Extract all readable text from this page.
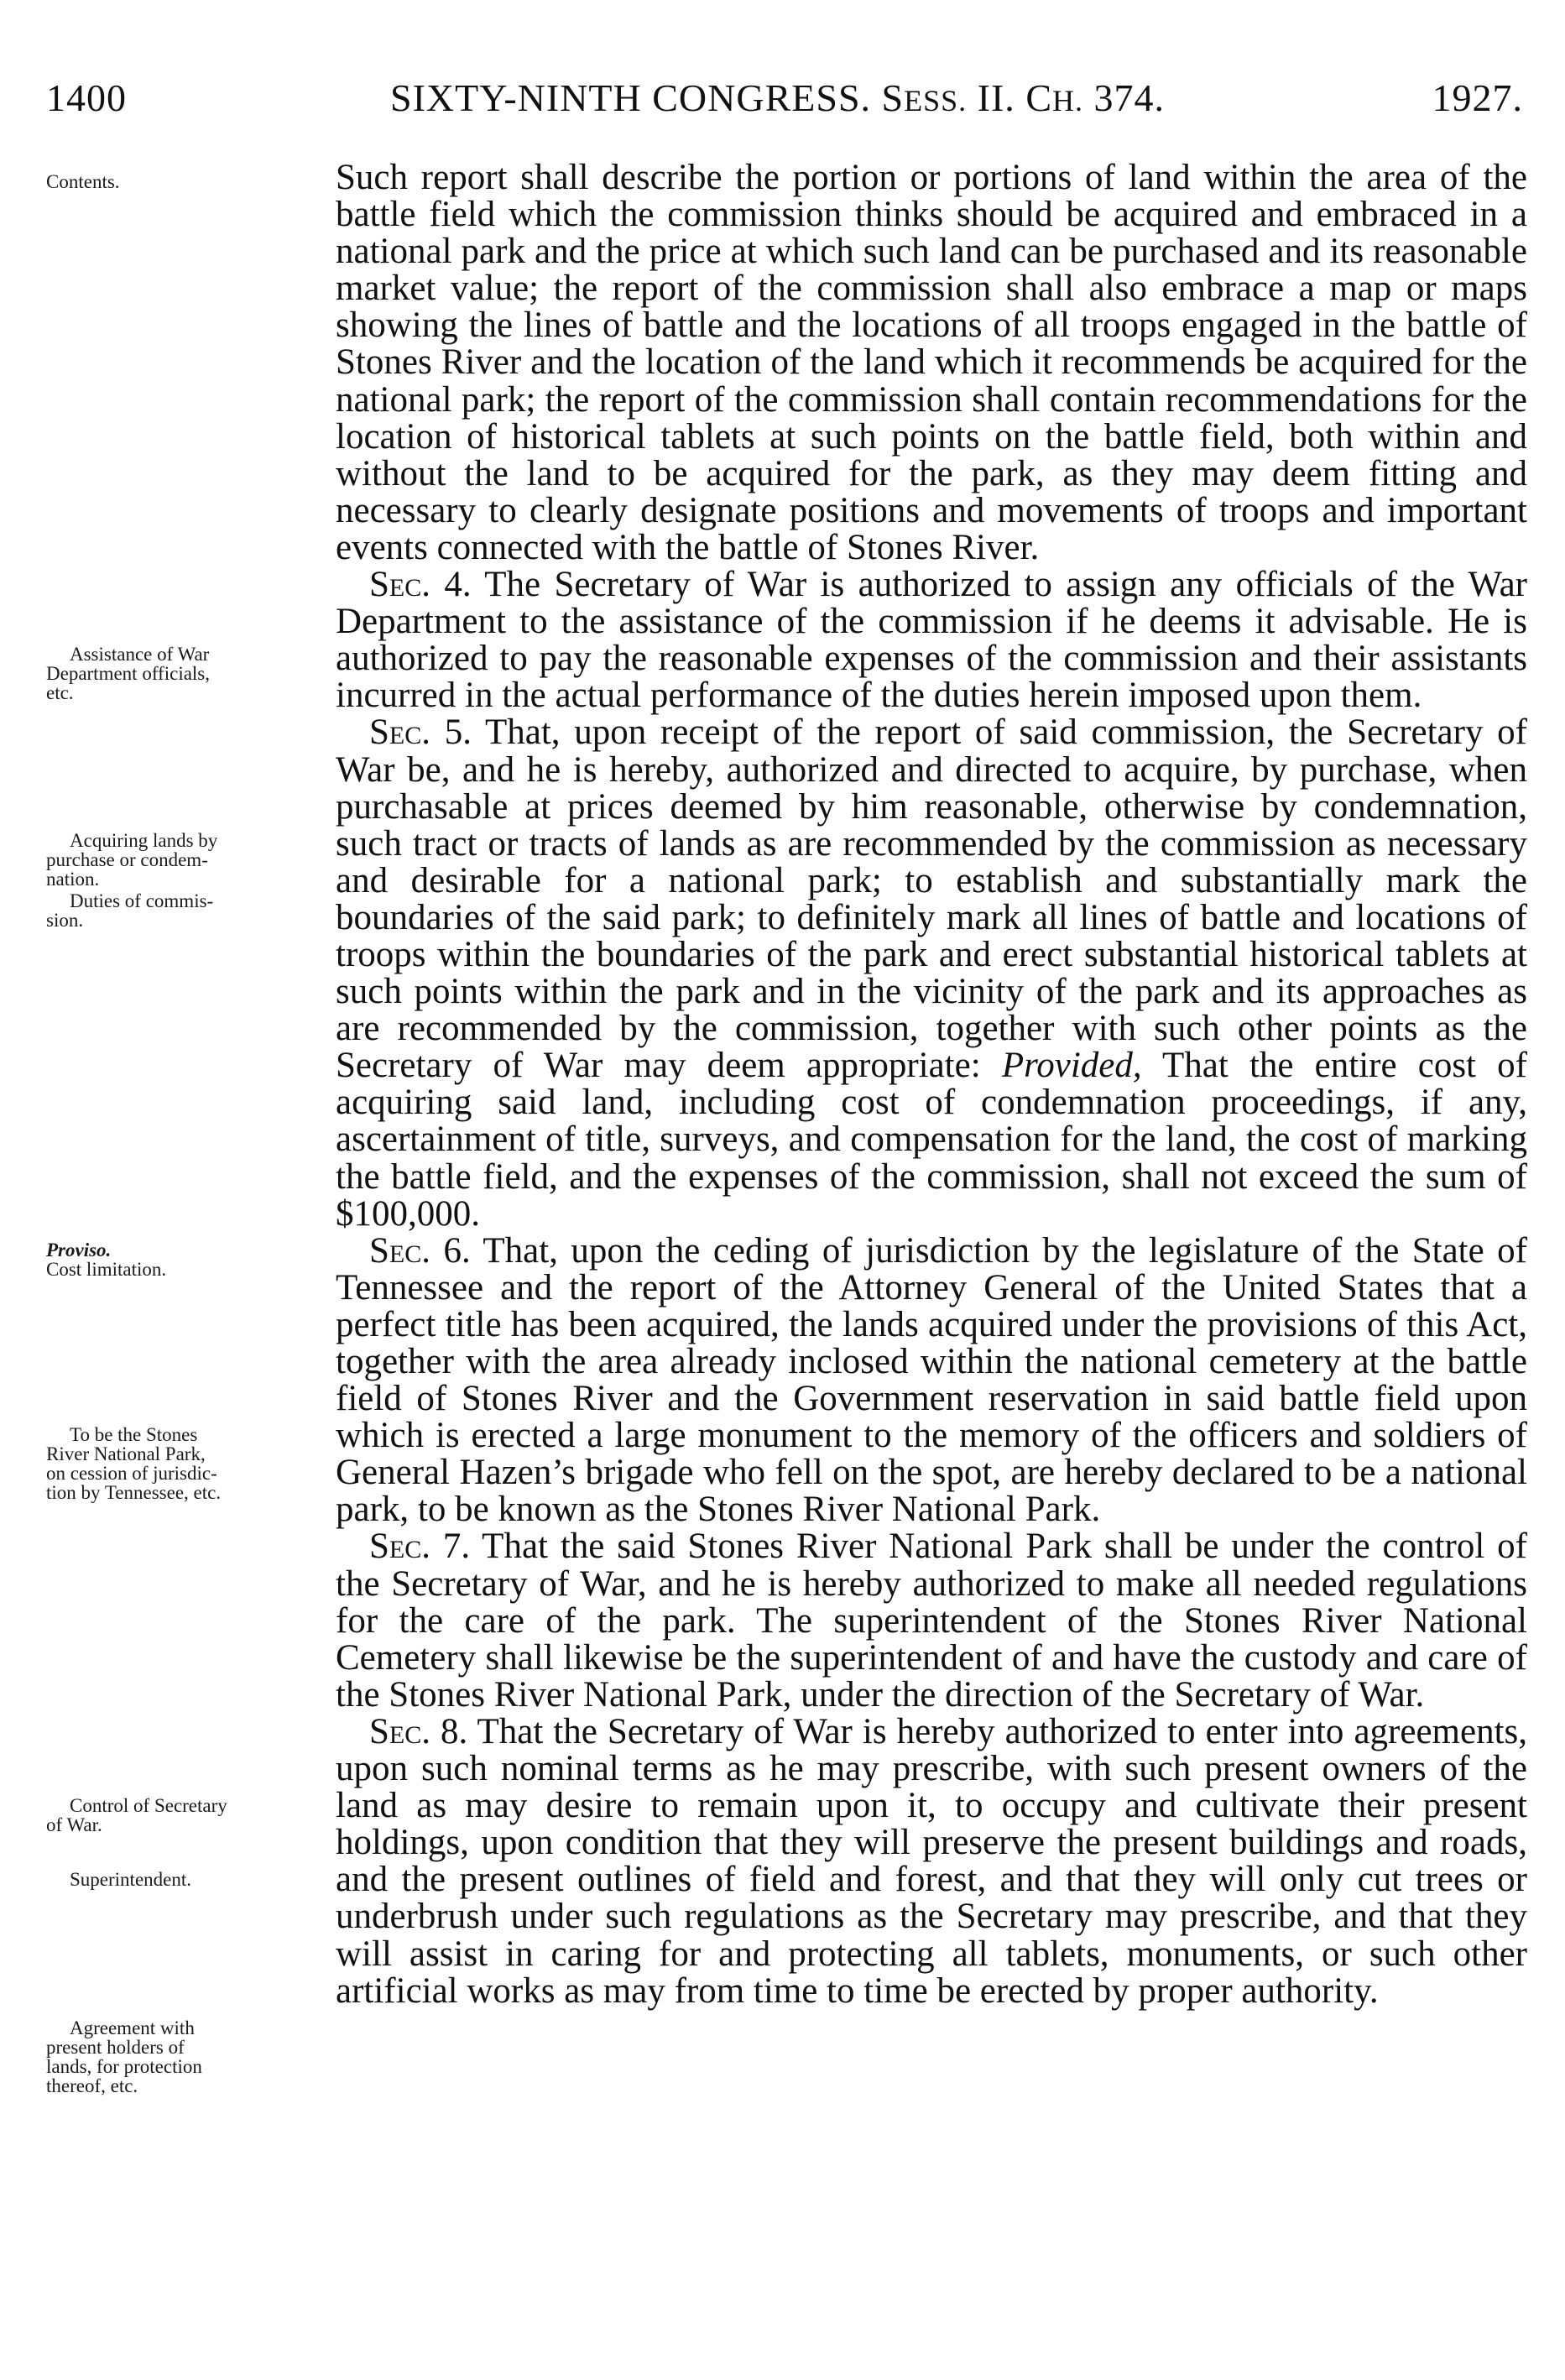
1400	SIXTY-NINTH CONGRESS. SESS. II. CH. 374.	1927.
Contents.
Assistance of War
Department officials,
etc.
Acquiring lands by
purchase or condem-
nation.
Duties of commis-
sion.
Proviso.
Cost limitation.
To be the Stones
River National Park,
on cession of jurisdic-
tion by Tennessee, etc.
Control of Secretary
of War.
Superintendent.
Agreement with
present holders of
lands, for protection
thereof, etc.

Such report shall describe the portion or portions of land within the area of the battle field which the commission thinks should be acquired and embraced in a national park and the price at which such land can be purchased and its reasonable market value; the report of the commission shall also embrace a map or maps showing the lines of battle and the locations of all troops engaged in the battle of Stones River and the location of the land which it recommends be acquired for the national park; the report of the commission shall contain recommendations for the location of historical tablets at such points on the battle field, both within and without the land to be acquired for the park, as they may deem fitting and necessary to clearly designate positions and movements of troops and important events connected with the battle of Stones River.

Sec. 4. The Secretary of War is authorized to assign any officials of the War Department to the assistance of the commission if he deems it advisable. He is authorized to pay the reasonable expenses of the commission and their assistants incurred in the actual performance of the duties herein imposed upon them.

Sec. 5. That, upon receipt of the report of said commission, the Secretary of War be, and he is hereby, authorized and directed to acquire, by purchase, when purchasable at prices deemed by him reasonable, otherwise by condemnation, such tract or tracts of lands as are recommended by the commission as necessary and desirable for a national park; to establish and substantially mark the boundaries of the said park; to definitely mark all lines of battle and locations of troops within the boundaries of the park and erect substantial historical tablets at such points within the park and in the vicinity of the park and its approaches as are recommended by the commission, together with such other points as the Secretary of War may deem appropriate: Provided, That the entire cost of acquiring said land, including cost of condemnation proceedings, if any, ascertainment of title, surveys, and compensation for the land, the cost of marking the battle field, and the expenses of the commission, shall not exceed the sum of $100,000.

Sec. 6. That, upon the ceding of jurisdiction by the legislature of the State of Tennessee and the report of the Attorney General of the United States that a perfect title has been acquired, the lands acquired under the provisions of this Act, together with the area already inclosed within the national cemetery at the battle field of Stones River and the Government reservation in said battle field upon which is erected a large monument to the memory of the officers and soldiers of General Hazen’s brigade who fell on the spot, are hereby declared to be a national park, to be known as the Stones River National Park.

Sec. 7. That the said Stones River National Park shall be under the control of the Secretary of War, and he is hereby authorized to make all needed regulations for the care of the park. The superintendent of the Stones River National Cemetery shall likewise be the superintendent of and have the custody and care of the Stones River National Park, under the direction of the Secretary of War.

Sec. 8. That the Secretary of War is hereby authorized to enter into agreements, upon such nominal terms as he may prescribe, with such present owners of the land as may desire to remain upon it, to occupy and cultivate their present holdings, upon condition that they will preserve the present buildings and roads, and the present outlines of field and forest, and that they will only cut trees or underbrush under such regulations as the Secretary may prescribe, and that they will assist in caring for and protecting all tablets, monuments, or such other artificial works as may from time to time be erected by proper authority.
